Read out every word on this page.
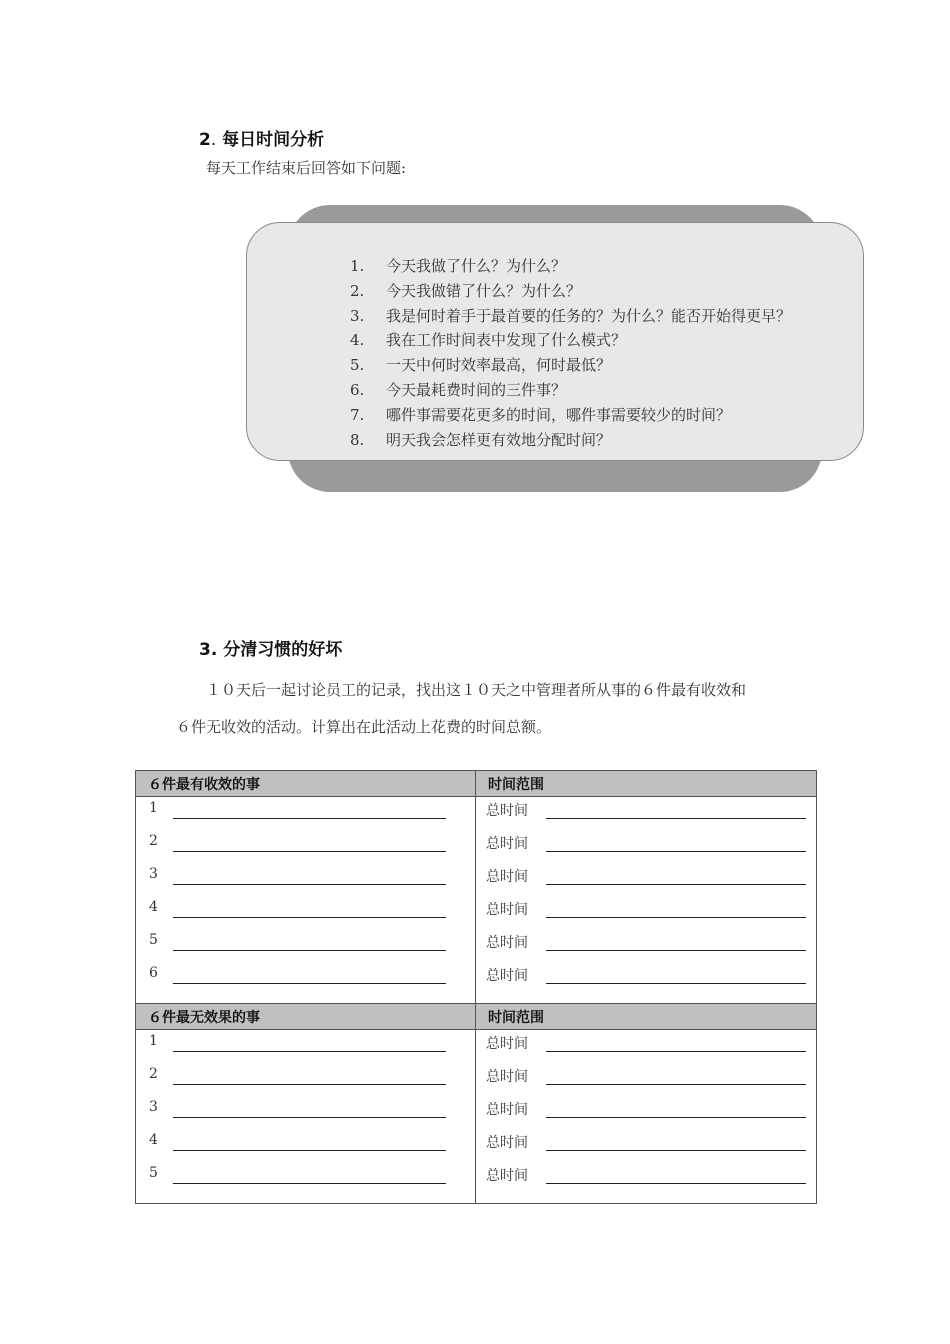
2. 每日时间分析
每天工作结束后回答如下问题:
1.	今天我做了什么？为什么？
2.	今天我做错了什么？为什么？
3.	我是何时着手于最首要的任务的？为什么？能否开始得更早？
4.	我在工作时间表中发现了什么模式？
5.	一天中何时效率最高，何时最低？
6.	今天最耗费时间的三件事？
7.	哪件事需要花更多的时间，哪件事需要较少的时间？
8.	明天我会怎样更有效地分配时间？
3. 分清习惯的好坏
１０天后一起讨论员工的记录，找出这１０天之中管理者所从事的６件最有收效和
６件无收效的活动。计算出在此活动上花费的时间总额。
６件最有收效的事	时间范围

1	总时间

2	总时间

3	总时间

4	总时间

5	总时间

6	总时间

６件最无效果的事	时间范围

1	总时间

2	总时间

3	总时间

4	总时间

5	总时间
